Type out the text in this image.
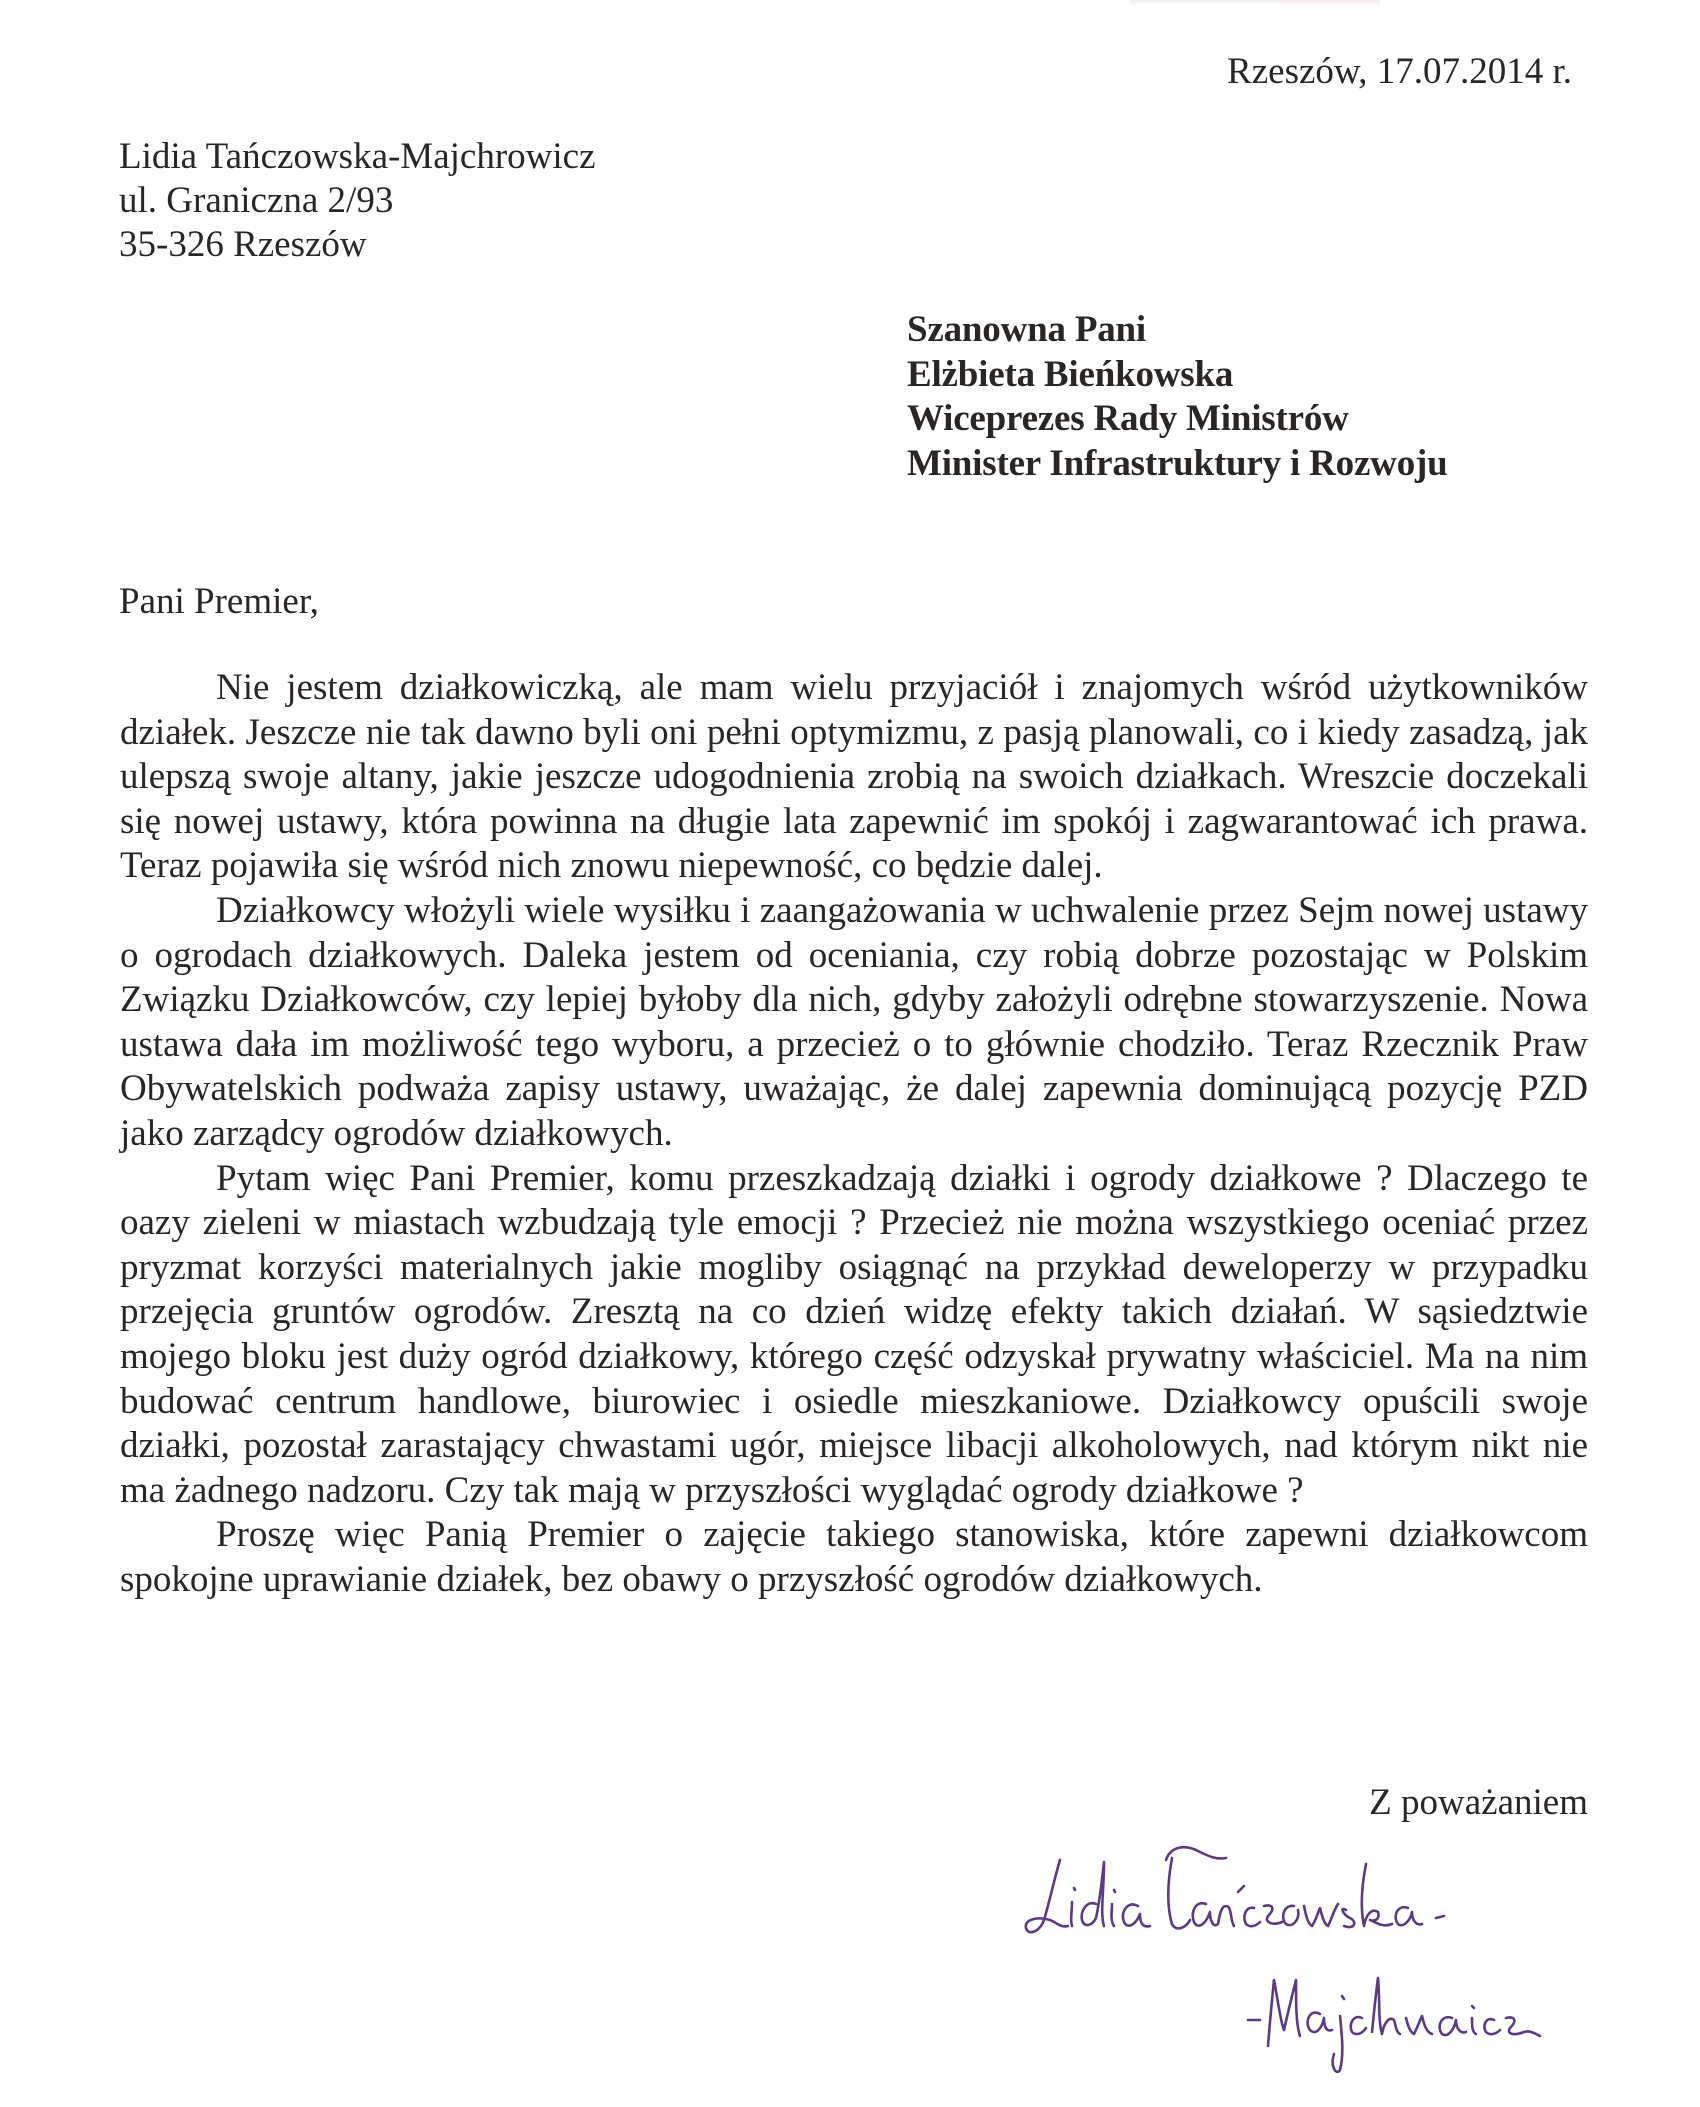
Rzeszów, 17.07.2014 r.
Lidia Tańczowska-Majchrowicz
ul. Graniczna 2/93
35-326 Rzeszów
Szanowna Pani
Elżbieta Bieńkowska
Wiceprezes Rady Ministrów
Minister Infrastruktury i Rozwoju
Pani Premier,

Nie jestem działkowiczką, ale mam wielu przyjaciół i znajomych wśród użytkowników działek. Jeszcze nie tak dawno byli oni pełni optymizmu, z pasją planowali, co i kiedy zasadzą, jak ulepszą swoje altany, jakie jeszcze udogodnienia zrobią na swoich działkach. Wreszcie doczekali się nowej ustawy, która powinna na długie lata zapewnić im spokój i zagwarantować ich prawa. Teraz pojawiła się wśród nich znowu niepewność, co będzie dalej.

Działkowcy włożyli wiele wysiłku i zaangażowania w uchwalenie przez Sejm nowej ustawy o ogrodach działkowych. Daleka jestem od oceniania, czy robią dobrze pozostając w Polskim Związku Działkowców, czy lepiej byłoby dla nich, gdyby założyli odrębne stowarzyszenie. Nowa ustawa dała im możliwość tego wyboru, a przecież o to głównie chodziło. Teraz Rzecznik Praw Obywatelskich podważa zapisy ustawy, uważając, że dalej zapewnia dominującą pozycję PZD jako zarządcy ogrodów działkowych.

Pytam więc Pani Premier, komu przeszkadzają działki i ogrody działkowe ? Dlaczego te oazy zieleni w miastach wzbudzają tyle emocji ? Przecież nie można wszystkiego oceniać przez pryzmat korzyści materialnych jakie mogliby osiągnąć na przykład deweloperzy w przypadku przejęcia gruntów ogrodów. Zresztą na co dzień widzę efekty takich działań. W sąsiedztwie mojego bloku jest duży ogród działkowy, którego część odzyskał prywatny właściciel. Ma na nim budować centrum handlowe, biurowiec i osiedle mieszkaniowe. Działkowcy opuścili swoje działki, pozostał zarastający chwastami ugór, miejsce libacji alkoholowych, nad którym nikt nie ma żadnego nadzoru. Czy tak mają w przyszłości wyglądać ogrody działkowe ?

Proszę więc Panią Premier o zajęcie takiego stanowiska, które zapewni działkowcom spokojne uprawianie działek, bez obawy o przyszłość ogrodów działkowych.

Z poważaniem
